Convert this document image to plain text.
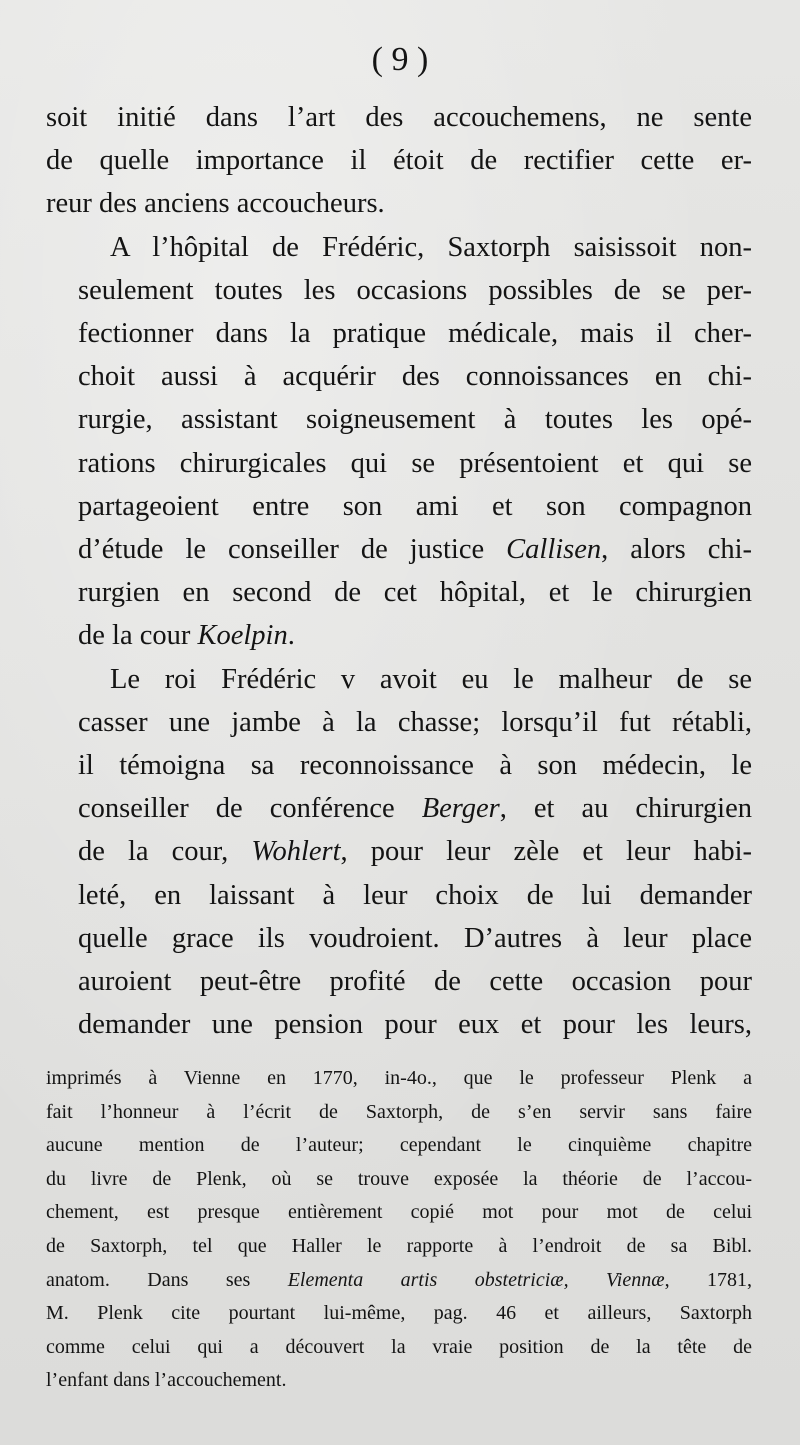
( 9 )

soit initié dans l’art des accouchemens, ne sente
de quelle importance il étoit de rectifier cette er-
reur des anciens accoucheurs.

A l’hôpital de Frédéric, Saxtorph saisissoit non-
seulement toutes les occasions possibles de se per-
fectionner dans la pratique médicale, mais il cher-
choit aussi à acquérir des connoissances en chi-
rurgie, assistant soigneusement à toutes les opé-
rations chirurgicales qui se présentoient et qui se
partageoient entre son ami et son compagnon
d’étude le conseiller de justice Callisen, alors chi-
rurgien en second de cet hôpital, et le chirurgien
de la cour Koelpin.

Le roi Frédéric v avoit eu le malheur de se
casser une jambe à la chasse; lorsqu’il fut rétabli,
il témoigna sa reconnoissance à son médecin, le
conseiller de conférence Berger, et au chirurgien
de la cour, Wohlert, pour leur zèle et leur habi-
leté, en laissant à leur choix de lui demander
quelle grace ils voudroient. D’autres à leur place
auroient peut-être profité de cette occasion pour
demander une pension pour eux et pour les leurs,

imprimés à Vienne en 1770, in-4o., que le professeur Plenk a
fait l’honneur à l’écrit de Saxtorph, de s’en servir sans faire
aucune mention de l’auteur; cependant le cinquième chapitre
du livre de Plenk, où se trouve exposée la théorie de l’accou-
chement, est presque entièrement copié mot pour mot de celui
de Saxtorph, tel que Haller le rapporte à l’endroit de sa Bibl.
anatom. Dans ses Elementa artis obstetriciæ, Viennæ, 1781,
M. Plenk cite pourtant lui-même, pag. 46 et ailleurs, Saxtorph
comme celui qui a découvert la vraie position de la tête de
l’enfant dans l’accouchement.
